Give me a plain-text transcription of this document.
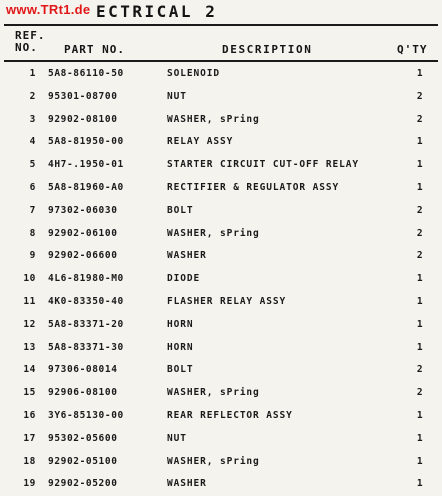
ECTRICAL 2
www.TRt1.de
REF.
NO.	PART NO.	DESCRIPTION	Q'TY
1 5A8-86110-50	SOLENOID	1
2 95301-08700	NUT	2
3 92902-08100	WASHER, sPring	2
4 5A8-81950-00	RELAY ASSY	1
5 4H7-.1950-01	STARTER CIRCUIT CUT-OFF RELAY	1
6 5A8-81960-A0	RECTIFIER & REGULATOR ASSY	1
7 97302-06030	BOLT	2
8 92902-06100	WASHER, sPring	2
9 92902-06600	WASHER	2
10 4L6-81980-M0	DIODE	1
11 4K0-83350-40	FLASHER RELAY ASSY	1
12 5A8-83371-20	HORN	1
13 5A8-83371-30	HORN	1
14 97306-08014	BOLT	2
15 92906-08100	WASHER, sPring	2
16 3Y6-85130-00	REAR REFLECTOR ASSY	1
17 95302-05600	NUT	1
18 92902-05100	WASHER, sPring	1
19 92902-05200	WASHER	1
